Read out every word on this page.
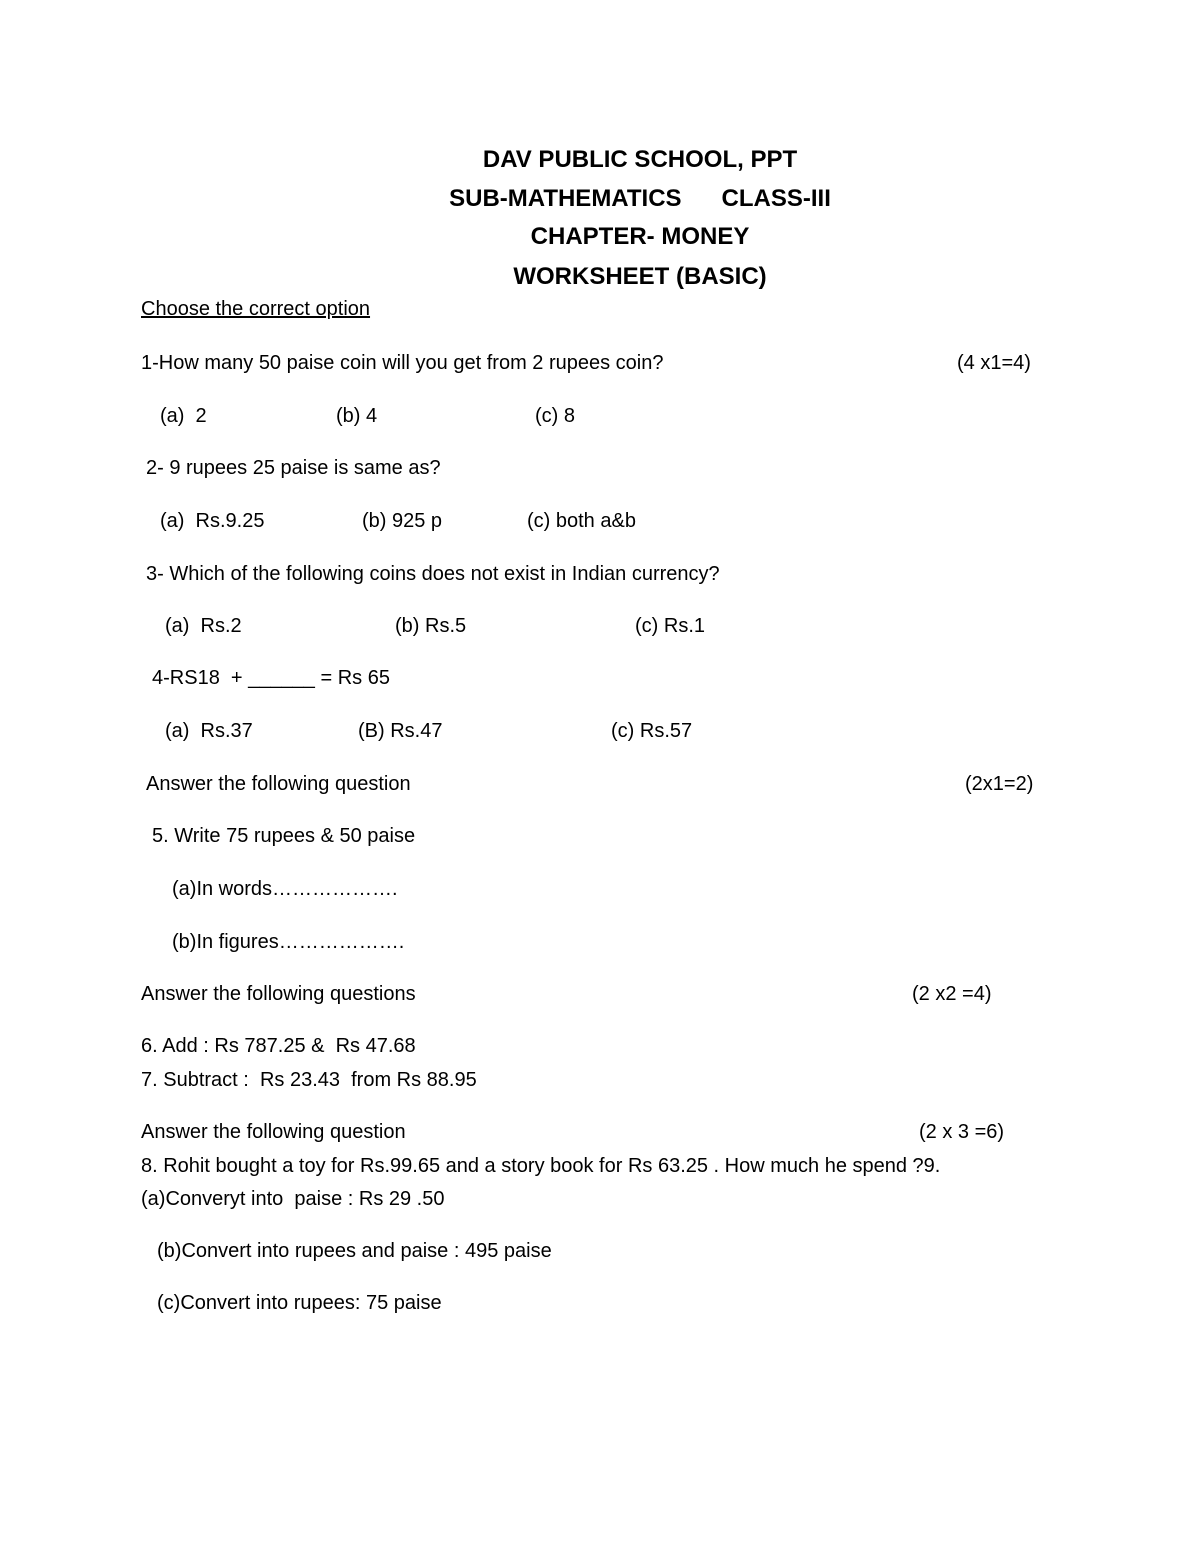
DAV PUBLIC SCHOOL, PPT
SUB-MATHEMATICS CLASS-III
CHAPTER- MONEY
WORKSHEET (BASIC)
Choose the correct option
1-How many 50 paise coin will you get from 2 rupees coin?	(4 x1=4)
(a)  2	(b) 4	(c) 8
2- 9 rupees 25 paise is same as?
(a)  Rs.9.25	(b) 925 p	(c) both a&b
3- Which of the following coins does not exist in Indian currency?
(a)  Rs.2	(b) Rs.5	(c) Rs.1
4-RS18  + ______ = Rs 65
(a)  Rs.37	(B) Rs.47	(c) Rs.57
Answer the following question	(2x1=2)
5. Write 75 rupees & 50 paise
(a)In words……………….
(b)In figures……………….
Answer the following questions	(2 x2 =4)
6. Add : Rs 787.25 &  Rs 47.68
7. Subtract :  Rs 23.43  from Rs 88.95
Answer the following question	(2 x 3 =6)
8. Rohit bought a toy for Rs.99.65 and a story book for Rs 63.25 . How much he spend ?9.
(a)Converyt into  paise : Rs 29 .50
(b)Convert into rupees and paise : 495 paise
(c)Convert into rupees: 75 paise
